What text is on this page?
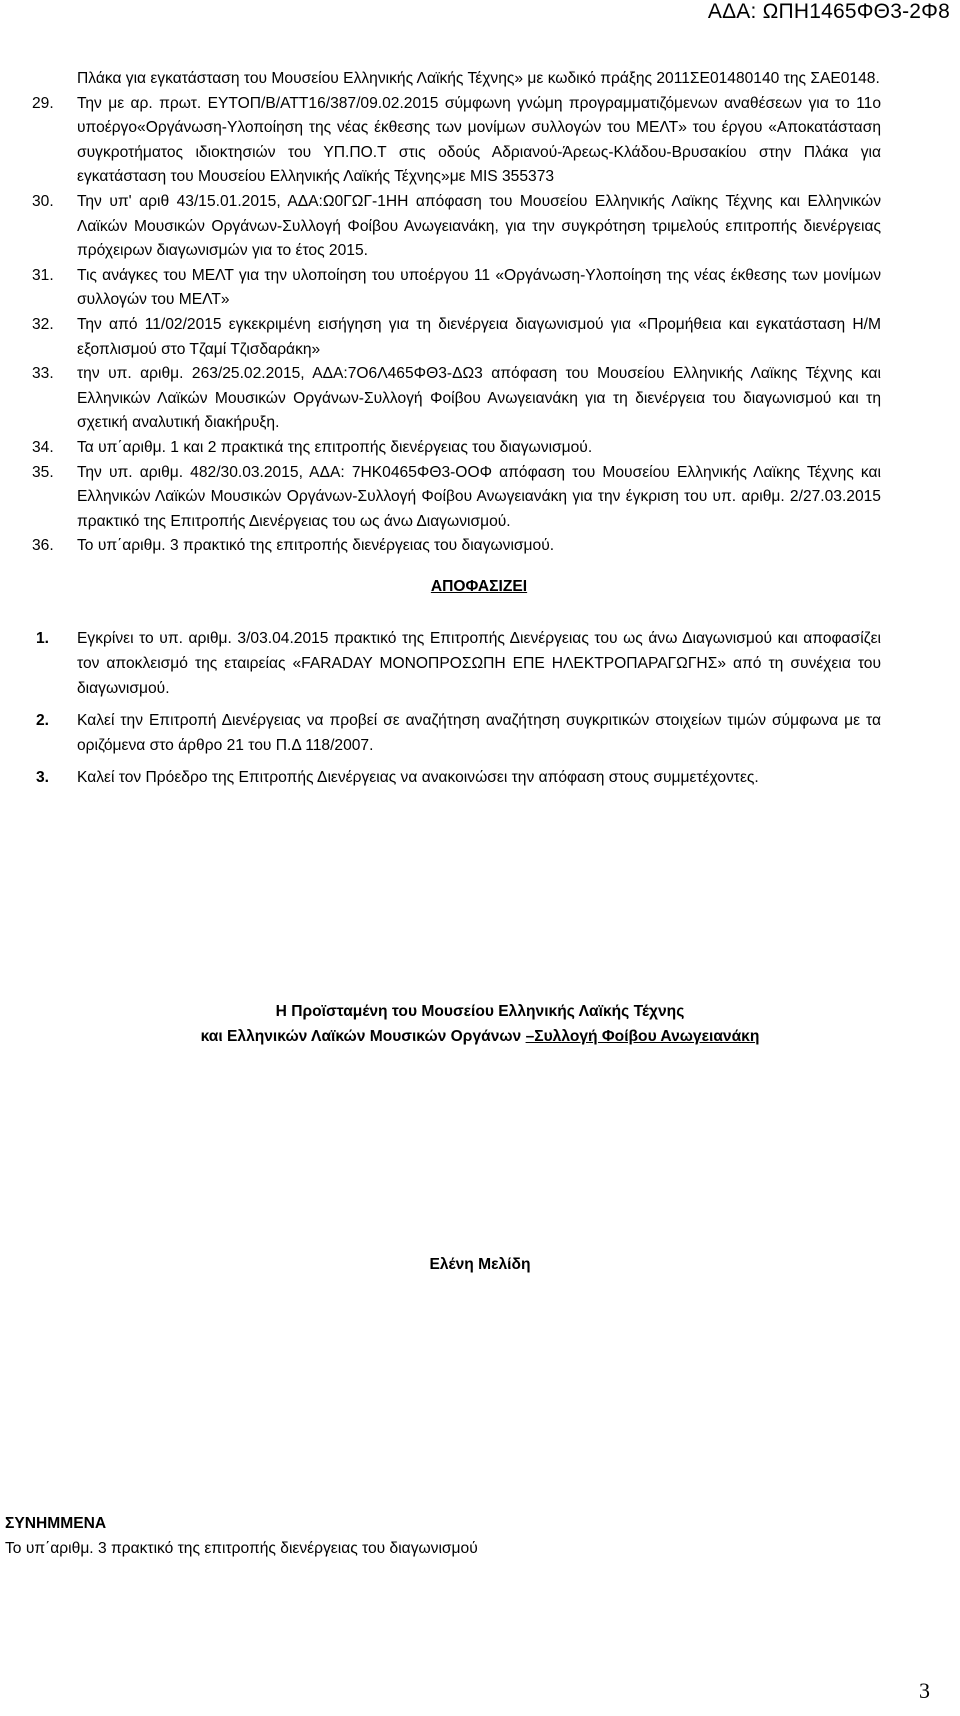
ΑΔΑ: ΩΠΗ1465ΦΘ3-2Φ8
Πλάκα για εγκατάσταση του Μουσείου Ελληνικής Λαϊκής Τέχνης» με κωδικό πράξης 2011ΣΕ01480140 της ΣΑΕ0148.
29. Την με αρ. πρωτ. ΕΥΤΟΠ/Β/ΑΤΤ16/387/09.02.2015 σύμφωνη γνώμη προγραμματιζόμενων αναθέσεων για το 11ο υποέργο«Οργάνωση-Υλοποίηση της νέας έκθεσης των μονίμων συλλογών του ΜΕΛΤ» του έργου «Αποκατάσταση συγκροτήματος ιδιοκτησιών του ΥΠ.ΠΟ.Τ στις οδούς Αδριανού-Άρεως-Κλάδου-Βρυσακίου στην Πλάκα για εγκατάσταση του Μουσείου Ελληνικής Λαϊκής Τέχνης»με MIS 355373
30. Την υπ' αριθ 43/15.01.2015, ΑΔΑ:Ω0ΓΩΓ-1ΗΗ απόφαση του Μουσείου Ελληνικής Λαϊκης Τέχνης και Ελληνικών Λαϊκών Μουσικών Οργάνων-Συλλογή Φοίβου Ανωγειανάκη, για την συγκρότηση τριμελούς επιτροπής διενέργειας πρόχειρων διαγωνισμών για το έτος 2015.
31. Τις ανάγκες του ΜΕΛΤ για την υλοποίηση του υποέργου 11 «Οργάνωση-Υλοποίηση της νέας έκθεσης των μονίμων συλλογών του ΜΕΛΤ»
32. Την από 11/02/2015 εγκεκριμένη εισήγηση για τη διενέργεια διαγωνισμού για «Προμήθεια και εγκατάσταση Η/Μ εξοπλισμού στο Τζαμί Τζισδαράκη»
33. την υπ. αριθμ. 263/25.02.2015, ΑΔΑ:7Ο6Λ465ΦΘ3-ΔΩ3 απόφαση του Μουσείου Ελληνικής Λαϊκης Τέχνης και Ελληνικών Λαϊκών Μουσικών Οργάνων-Συλλογή Φοίβου Ανωγειανάκη για τη διενέργεια του διαγωνισμού και τη σχετική αναλυτική διακήρυξη.
34. Τα υπ΄αριθμ. 1 και 2 πρακτικά της επιτροπής διενέργειας του διαγωνισμού.
35. Την υπ. αριθμ. 482/30.03.2015, ΑΔΑ: 7ΗΚ0465ΦΘ3-ΟΟΦ απόφαση του Μουσείου Ελληνικής Λαϊκης Τέχνης και Ελληνικών Λαϊκών Μουσικών Οργάνων-Συλλογή Φοίβου Ανωγειανάκη για την έγκριση του υπ. αριθμ. 2/27.03.2015 πρακτικό της Επιτροπής Διενέργειας του ως άνω Διαγωνισμού.
36. Το υπ΄αριθμ. 3 πρακτικό της επιτροπής διενέργειας του διαγωνισμού.
ΑΠΟΦΑΣΙΖΕΙ
1. Εγκρίνει το υπ. αριθμ. 3/03.04.2015 πρακτικό της Επιτροπής Διενέργειας του ως άνω Διαγωνισμού και αποφασίζει τον αποκλεισμό της εταιρείας «FARADAY ΜΟΝΟΠΡΟΣΩΠΗ ΕΠΕ ΗΛΕΚΤΡΟΠΑΡΑΓΩΓΗΣ» από τη συνέχεια του διαγωνισμού.
2. Καλεί την Επιτροπή Διενέργειας να προβεί σε αναζήτηση αναζήτηση συγκριτικών στοιχείων τιμών σύμφωνα με τα οριζόμενα στο άρθρο 21 του Π.Δ 118/2007.
3. Καλεί τον Πρόεδρο της Επιτροπής Διενέργειας να ανακοινώσει την απόφαση στους συμμετέχοντες.
Η Προϊσταμένη του Μουσείου Ελληνικής Λαϊκής Τέχνης
και Ελληνικών Λαϊκών Μουσικών Οργάνων –Συλλογή Φοίβου Ανωγειανάκη
Ελένη Μελίδη
ΣΥΝΗΜΜΕΝΑ
Το υπ΄αριθμ. 3 πρακτικό της επιτροπής διενέργειας του διαγωνισμού
3
